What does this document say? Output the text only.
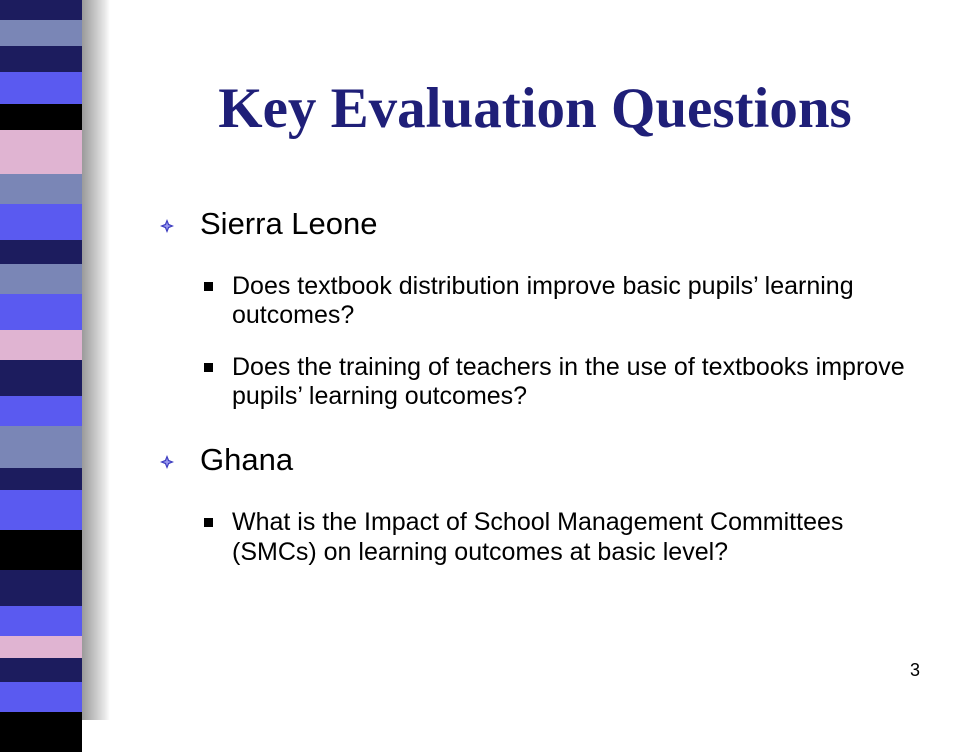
Key Evaluation Questions
Sierra Leone
Does textbook distribution improve basic pupils’ learning outcomes?
Does the training of teachers in the use of textbooks improve pupils’ learning outcomes?
Ghana
What is the Impact of School Management Committees (SMCs) on learning outcomes at basic level?
3
